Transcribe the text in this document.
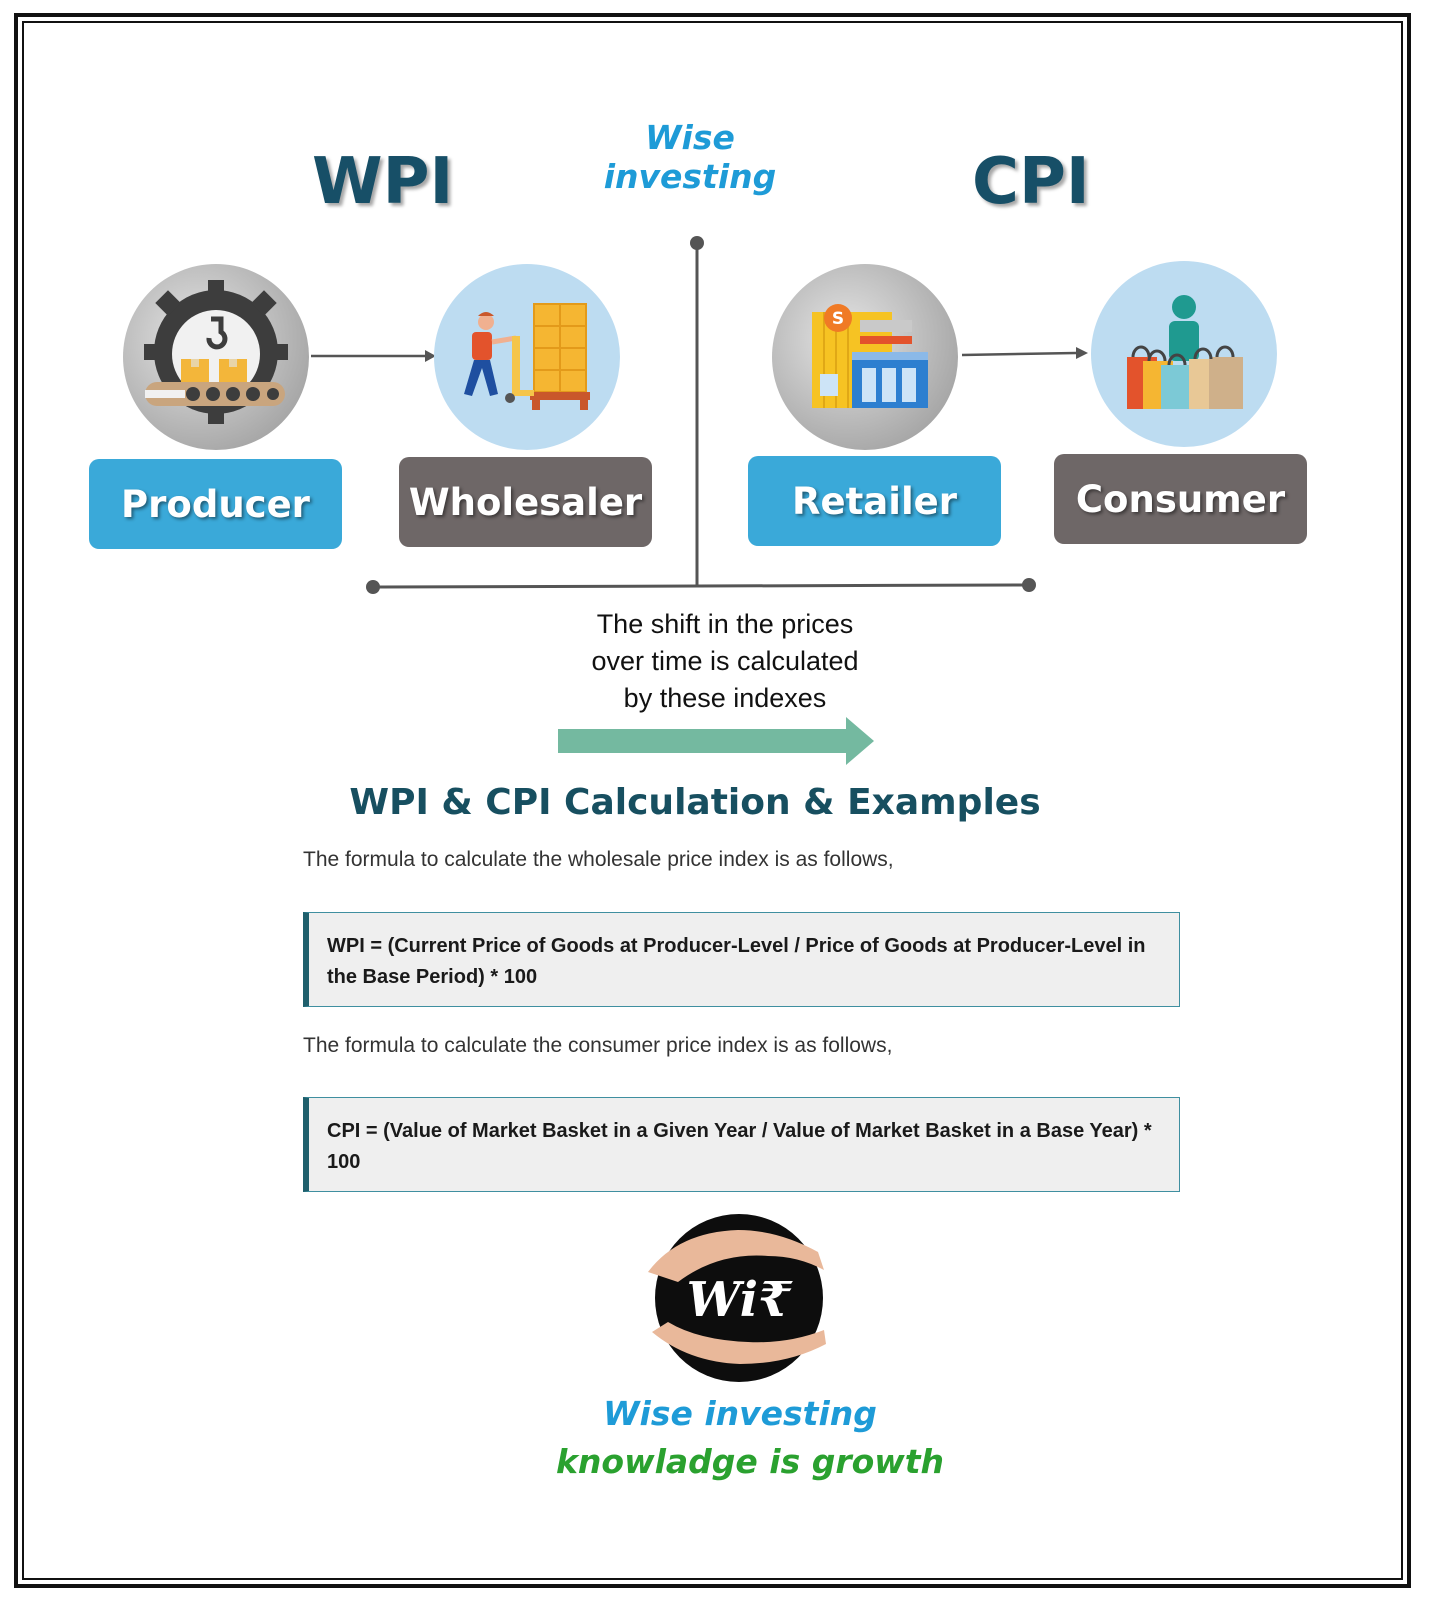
Wise investing
WPI	CPI
S
Producer	Wholesaler	Retailer	Consumer
The shift in the prices
over time is calculated
by these indexes
WPI & CPI Calculation & Examples
The formula to calculate the wholesale price index is as follows,
WPI = (Current Price of Goods at Producer-Level / Price of Goods at Producer-Level in the Base Period) * 100
The formula to calculate the consumer price index is as follows,
CPI = (Value of Market Basket in a Given Year / Value of Market Basket in a Base Year) * 100
Wi₹
Wise investing
knowladge is growth
